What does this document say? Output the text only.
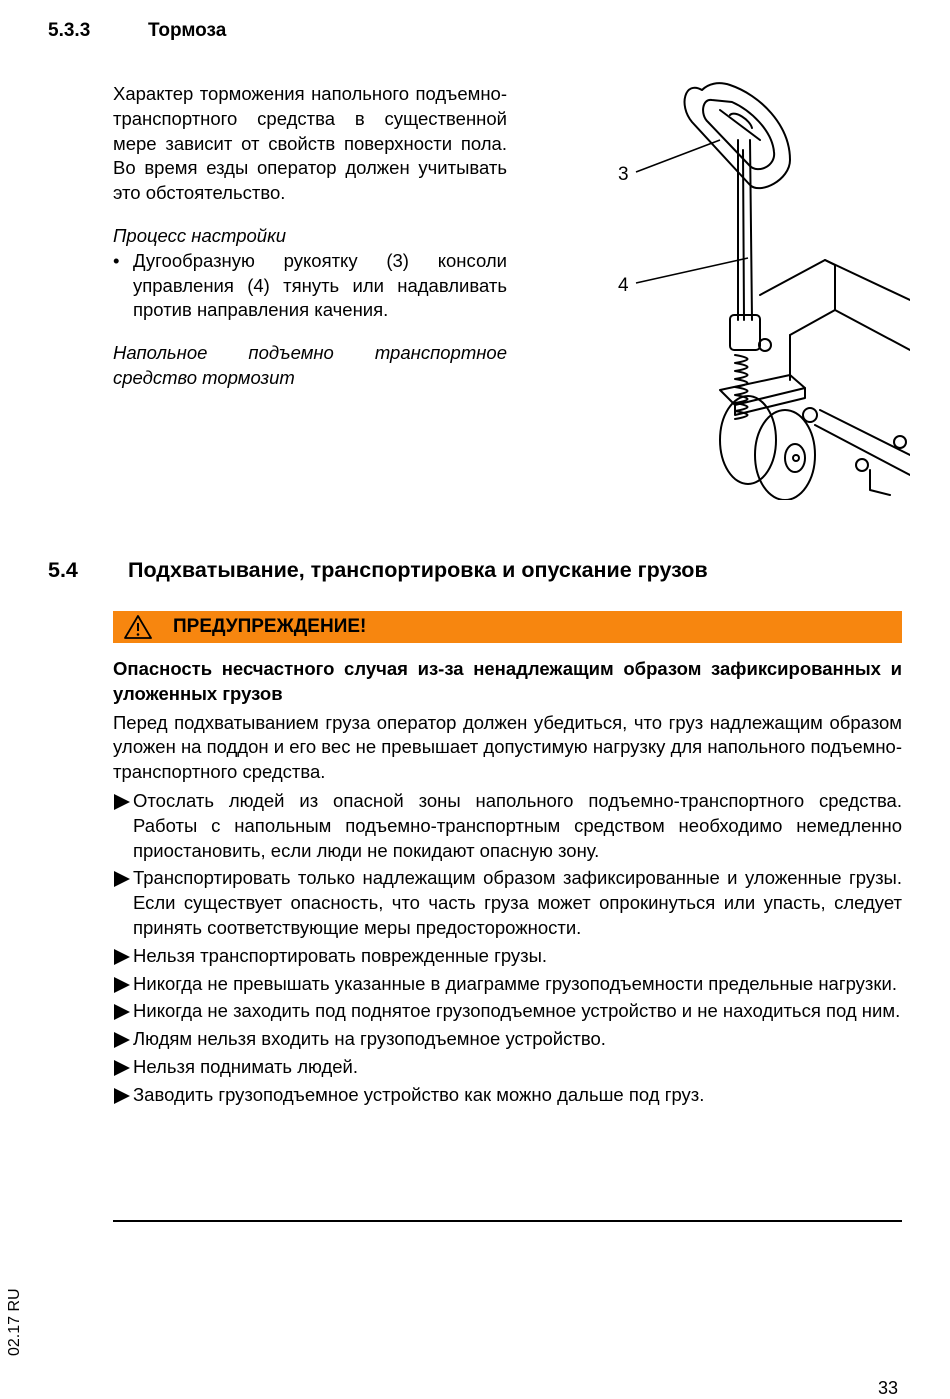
5.3.3	Тормоза
Характер торможения напольного подъемно-транспортного средства в существенной мере зависит от свойств поверхности пола. Во время езды оператор должен учитывать это обстоятельство.
Процесс настройки
• Дугообразную рукоятку (3) консоли управления (4) тянуть или надавливать против направления качения.
Напольное подъемно транспортное средство тормозит
3
4
5.4 Подхватывание, транспортировка и опускание грузов
ПРЕДУПРЕЖДЕНИЕ!
Опасность несчастного случая из-за ненадлежащим образом зафиксированных и уложенных грузов
Перед подхватыванием груза оператор должен убедиться, что груз надлежащим образом уложен на поддон и его вес не превышает допустимую нагрузку для напольного подъемно-транспортного средства.
Отослать людей из опасной зоны напольного подъемно-транспортного средства. Работы с напольным подъемно-транспортным средством необходимо немедленно приостановить, если люди не покидают опасную зону.
Транспортировать только надлежащим образом зафиксированные и уложенные грузы. Если существует опасность, что часть груза может опрокинуться или упасть, следует принять соответствующие меры предосторожности.
Нельзя транспортировать поврежденные грузы.
Никогда не превышать указанные в диаграмме грузоподъемности предельные нагрузки.
Никогда не заходить под поднятое грузоподъемное устройство и не находиться под ним.
Людям нельзя входить на грузоподъемное устройство.
Нельзя поднимать людей.
Заводить грузоподъемное устройство как можно дальше под груз.
02.17 RU
33
